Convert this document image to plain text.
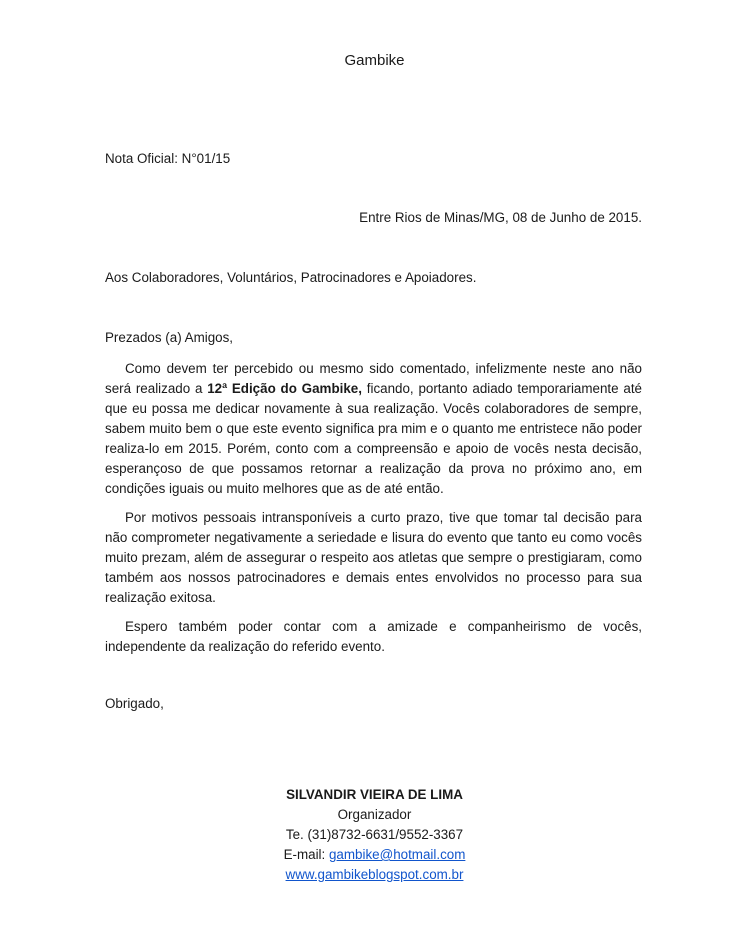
Gambike
Nota Oficial: N°01/15
Entre Rios de Minas/MG, 08 de Junho de 2015.
Aos Colaboradores, Voluntários, Patrocinadores e Apoiadores.
Prezados (a) Amigos,

Como devem ter percebido ou mesmo sido comentado, infelizmente neste ano não será realizado a 12ª Edição do Gambike, ficando, portanto adiado temporariamente até que eu possa me dedicar novamente à sua realização. Vocês colaboradores de sempre, sabem muito bem o que este evento significa pra mim e o quanto me entristece não poder realiza-lo em 2015. Porém, conto com a compreensão e apoio de vocês nesta decisão, esperançoso de que possamos retornar a realização da prova no próximo ano, em condições iguais ou muito melhores que as de até então.

Por motivos pessoais intransponíveis a curto prazo, tive que tomar tal decisão para não comprometer negativamente a seriedade e lisura do evento que tanto eu como vocês muito prezam, além de assegurar o respeito aos atletas que sempre o prestigiaram, como também aos nossos patrocinadores e demais entes envolvidos no processo para sua realização exitosa.

Espero também poder contar com a amizade e companheirismo de vocês, independente da realização do referido evento.

Obrigado,
SILVANDIR VIEIRA DE LIMA
Organizador
Te. (31)8732-6631/9552-3367
E-mail: gambike@hotmail.com
www.gambikeblogspot.com.br
